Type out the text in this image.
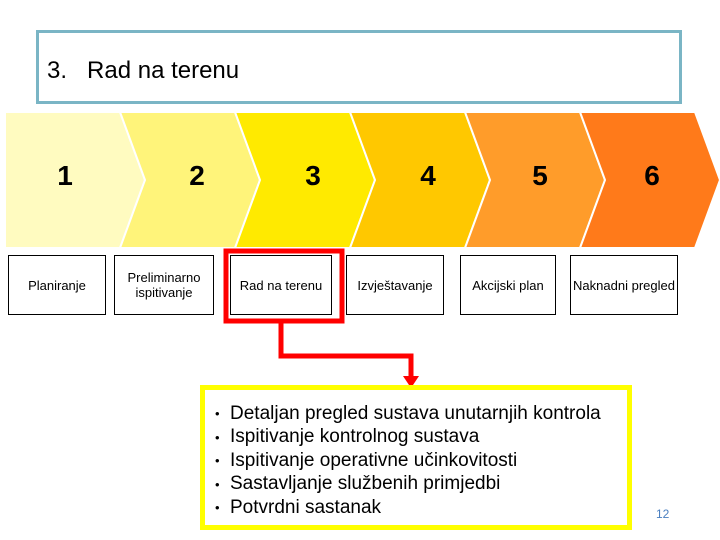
3.   Rad na terenu
1	2	3	4	5	6
Planiranje	Preliminarno ispitivanje	Rad na terenu	Izvještavanje	Akcijski plan	Naknadni pregled
• Detaljan pregled sustava unutarnjih kontrola
• Ispitivanje kontrolnog sustava
• Ispitivanje operativne učinkovitosti
• Sastavljanje službenih primjedbi
• Potvrdni sastanak	12
